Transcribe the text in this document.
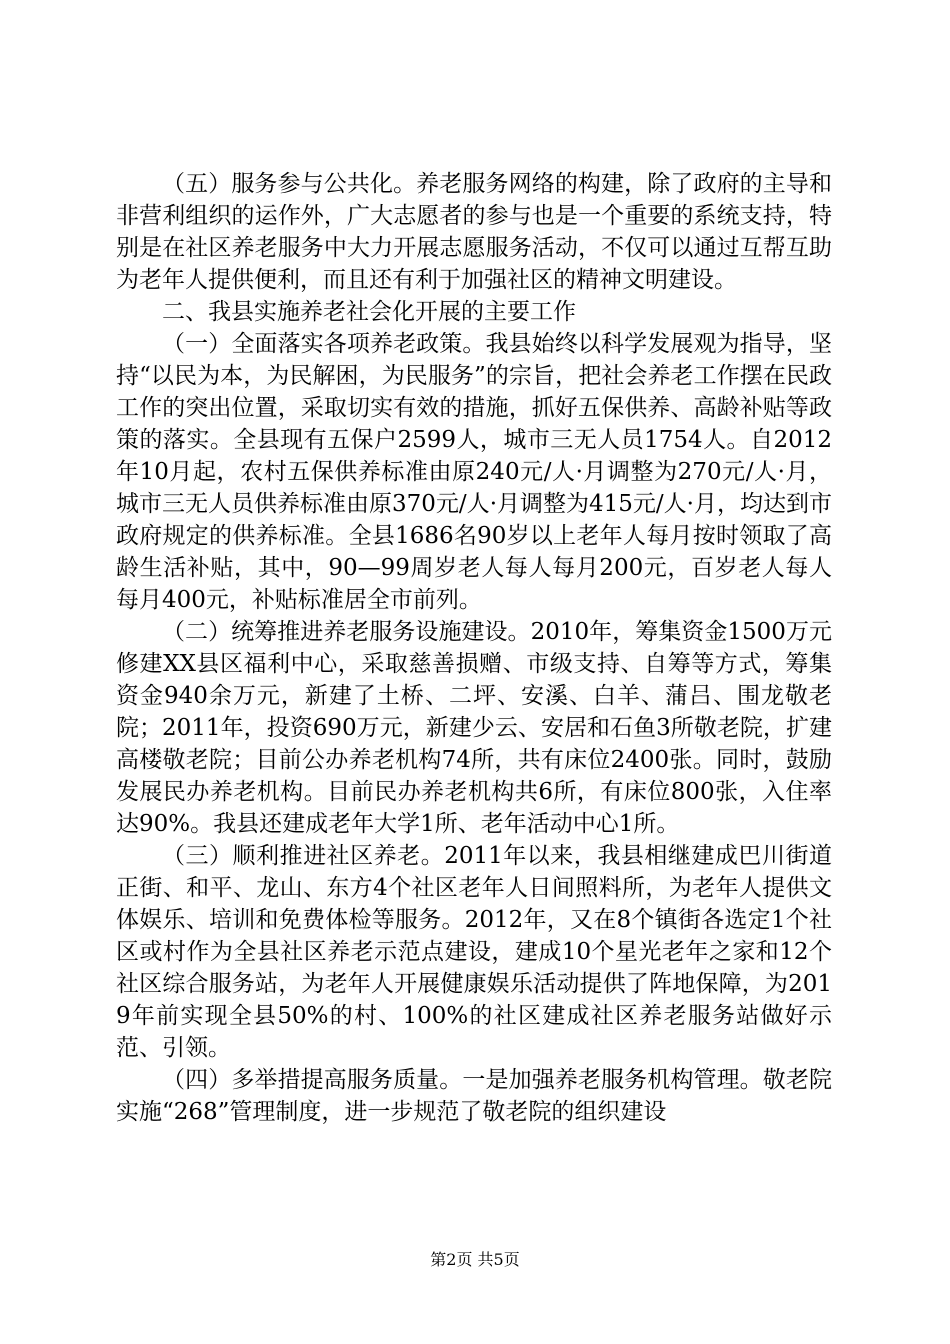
（五）服务参与公共化。养老服务网络的构建，除了政府的主导和非营利组织的运作外，广大志愿者的参与也是一个重要的系统支持，特别是在社区养老服务中大力开展志愿服务活动，不仅可以通过互帮互助为老年人提供便利，而且还有利于加强社区的精神文明建设。

二、我县实施养老社会化开展的主要工作

（一）全面落实各项养老政策。我县始终以科学发展观为指导，坚持“以民为本，为民解困，为民服务”的宗旨，把社会养老工作摆在民政工作的突出位置，采取切实有效的措施，抓好五保供养、高龄补贴等政策的落实。全县现有五保户2599人，城市三无人员1754人。自2012年10月起，农村五保供养标准由原240元/人·月调整为270元/人·月，城市三无人员供养标准由原370元/人·月调整为415元/人·月，均达到市政府规定的供养标准。全县1686名90岁以上老年人每月按时领取了高龄生活补贴，其中，90—99周岁老人每人每月200元，百岁老人每人每月400元，补贴标准居全市前列。

（二）统筹推进养老服务设施建设。2010年，筹集资金1500万元修建XX县区福利中心，采取慈善损赠、市级支持、自筹等方式，筹集资金940余万元，新建了土桥、二坪、安溪、白羊、蒲吕、围龙敬老院；2011年，投资690万元，新建少云、安居和石鱼3所敬老院，扩建高楼敬老院；目前公办养老机构74所，共有床位2400张。同时，鼓励发展民办养老机构。目前民办养老机构共6所，有床位800张，入住率达90%。我县还建成老年大学1所、老年活动中心1所。

（三）顺利推进社区养老。2011年以来，我县相继建成巴川街道正街、和平、龙山、东方4个社区老年人日间照料所，为老年人提供文体娱乐、培训和免费体检等服务。2012年，又在8个镇街各选定1个社区或村作为全县社区养老示范点建设，建成10个星光老年之家和12个社区综合服务站，为老年人开展健康娱乐活动提供了阵地保障，为2019年前实现全县50%的村、100%的社区建成社区养老服务站做好示范、引领。

（四）多举措提高服务质量。一是加强养老服务机构管理。敬老院实施“268”管理制度，进一步规范了敬老院的组织建设

第2页 共5页
